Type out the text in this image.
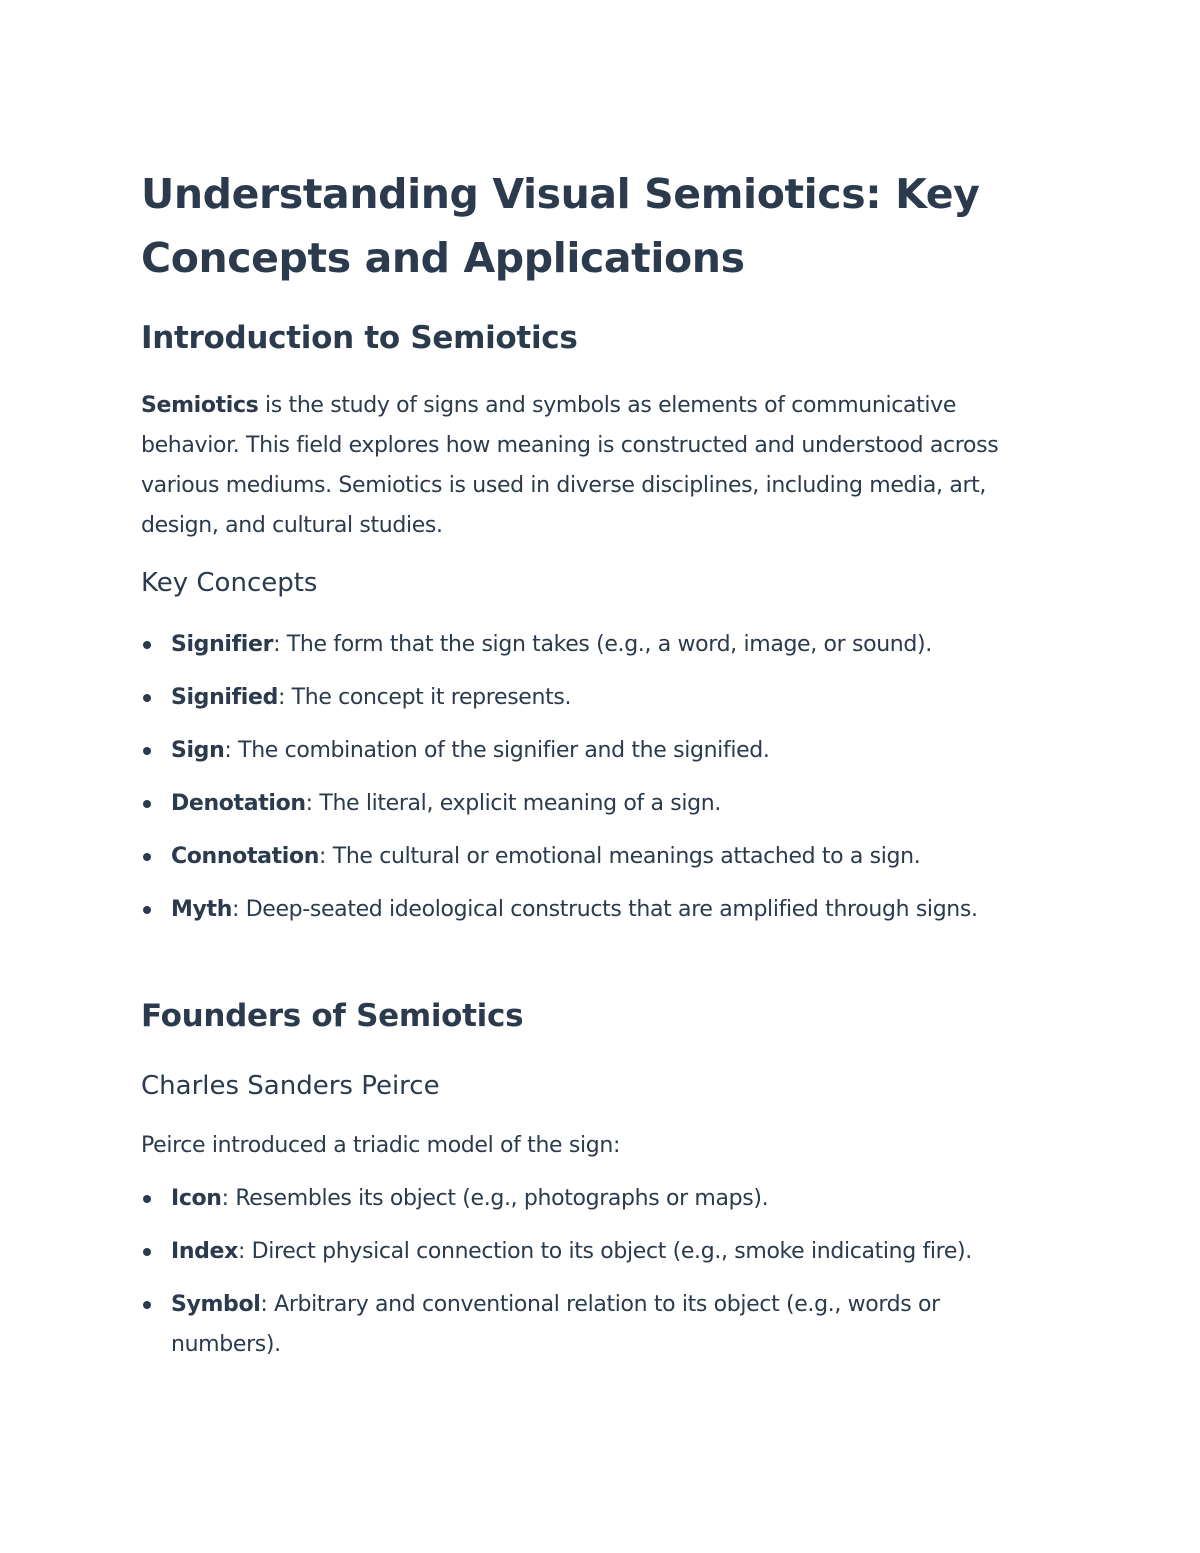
Understanding Visual Semiotics: Key Concepts and Applications
Introduction to Semiotics

Semiotics is the study of signs and symbols as elements of communicative behavior. This field explores how meaning is constructed and understood across various mediums. Semiotics is used in diverse disciplines, including media, art, design, and cultural studies.

Key Concepts
Signifier: The form that the sign takes (e.g., a word, image, or sound).
Signified: The concept it represents.
Sign: The combination of the signifier and the signified.
Denotation: The literal, explicit meaning of a sign.
Connotation: The cultural or emotional meanings attached to a sign.
Myth: Deep-seated ideological constructs that are amplified through signs.
Founders of Semiotics
Charles Sanders Peirce

Peirce introduced a triadic model of the sign:

Icon: Resembles its object (e.g., photographs or maps).
Index: Direct physical connection to its object (e.g., smoke indicating fire).
Symbol: Arbitrary and conventional relation to its object (e.g., words or numbers).
